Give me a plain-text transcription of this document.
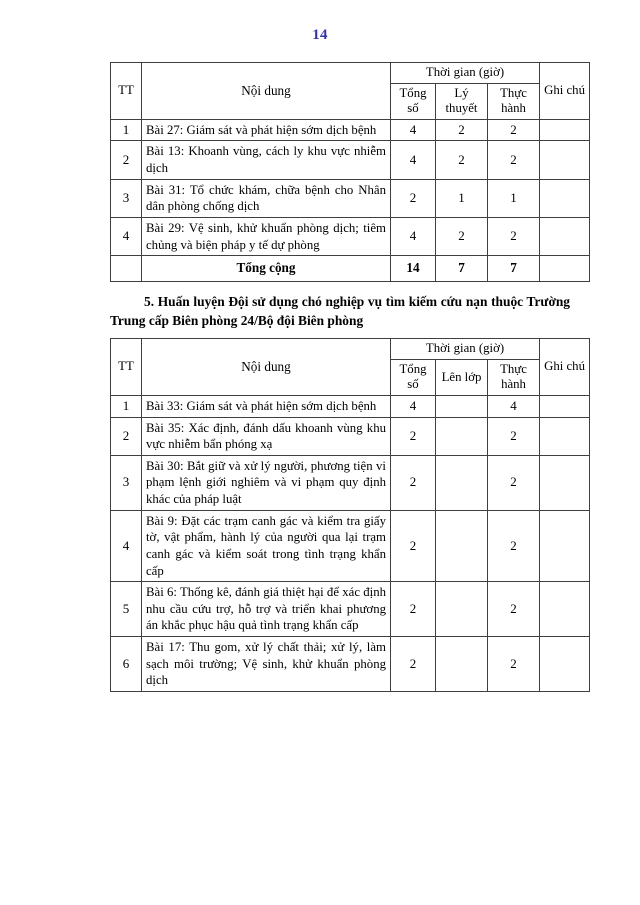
14
TT	Nội dung	Thời gian (giờ)			Ghi chú
		Tổng số	Lý thuyết	Thực hành	
1	Bài 27: Giám sát và phát hiện sớm dịch bệnh	4	2	2	
2	Bài 13: Khoanh vùng, cách ly khu vực nhiễm dịch	4	2	2	
3	Bài 31: Tổ chức khám, chữa bệnh cho Nhân dân phòng chống dịch	2	1	1	
4	Bài 29: Vệ sinh, khử khuẩn phòng dịch; tiêm chủng và biện pháp y tế dự phòng	4	2	2	
	Tổng cộng	14	7	7	

5. Huấn luyện Đội sử dụng chó nghiệp vụ tìm kiếm cứu nạn thuộc Trường Trung cấp Biên phòng 24/Bộ đội Biên phòng

TT	Nội dung	Thời gian (giờ)			Ghi chú
		Tổng số	Lên lớp	Thực hành	
1	Bài 33: Giám sát và phát hiện sớm dịch bệnh	4		4	
2	Bài 35: Xác định, đánh dấu khoanh vùng khu vực nhiễm bẩn phóng xạ	2		2	
3	Bài 30: Bắt giữ và xử lý người, phương tiện vi phạm lệnh giới nghiêm và vi phạm quy định khác của pháp luật	2		2	
4	Bài 9: Đặt các trạm canh gác và kiểm tra giấy tờ, vật phẩm, hành lý của người qua lại trạm canh gác và kiểm soát trong tình trạng khẩn cấp	2		2	
5	Bài 6: Thống kê, đánh giá thiệt hại để xác định nhu cầu cứu trợ, hỗ trợ và triển khai phương án khắc phục hậu quả tình trạng khẩn cấp	2		2	
6	Bài 17: Thu gom, xử lý chất thải; xử lý, làm sạch môi trường; Vệ sinh, khử khuẩn phòng dịch	2		2	
